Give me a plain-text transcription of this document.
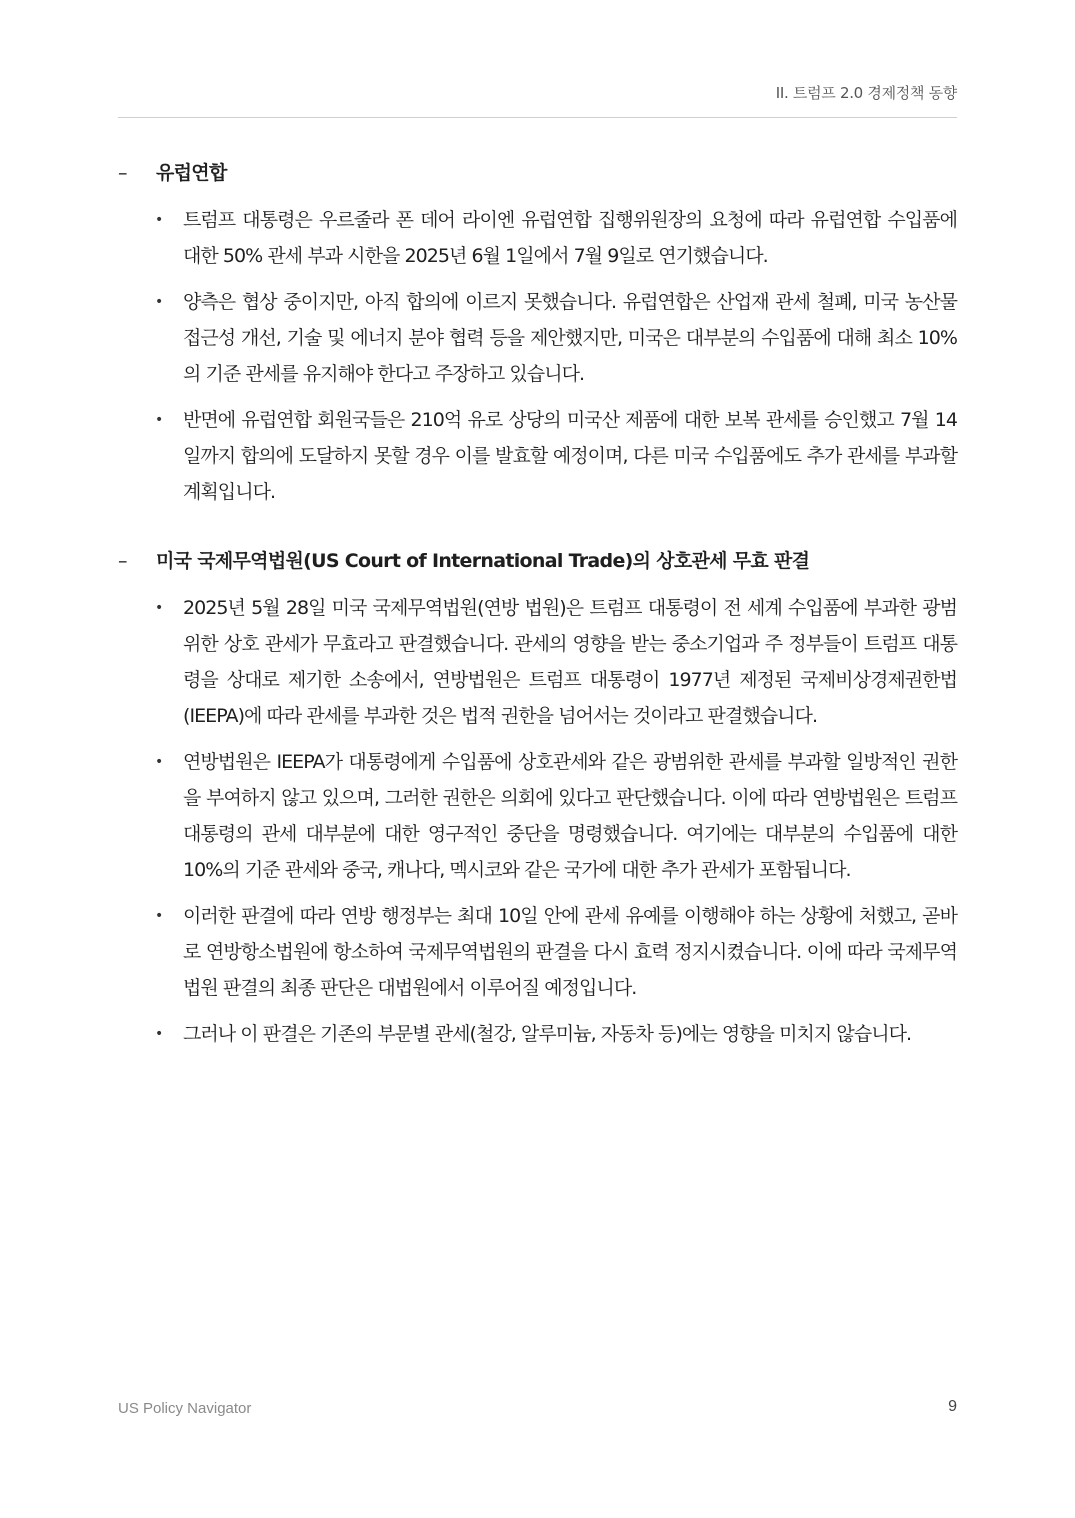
II. 트럼프 2.0 경제정책 동향
–	유럽연합
• 트럼프 대통령은 우르줄라 폰 데어 라이엔 유럽연합 집행위원장의 요청에 따라 유럽연합 수입품에 대한 50% 관세 부과 시한을 2025년 6월 1일에서 7월 9일로 연기했습니다.
• 양측은 협상 중이지만, 아직 합의에 이르지 못했습니다. 유럽연합은 산업재 관세 철폐, 미국 농산물 접근성 개선, 기술 및 에너지 분야 협력 등을 제안했지만, 미국은 대부분의 수입품에 대해 최소 10%의 기준 관세를 유지해야 한다고 주장하고 있습니다.
• 반면에 유럽연합 회원국들은 210억 유로 상당의 미국산 제품에 대한 보복 관세를 승인했고 7월 14일까지 합의에 도달하지 못할 경우 이를 발효할 예정이며, 다른 미국 수입품에도 추가 관세를 부과할 계획입니다.
–	미국 국제무역법원(US Court of International Trade)의 상호관세 무효 판결
• 2025년 5월 28일 미국 국제무역법원(연방 법원)은 트럼프 대통령이 전 세계 수입품에 부과한 광범위한 상호 관세가 무효라고 판결했습니다. 관세의 영향을 받는 중소기업과 주 정부들이 트럼프 대통령을 상대로 제기한 소송에서, 연방법원은 트럼프 대통령이 1977년 제정된 국제비상경제권한법(IEEPA)에 따라 관세를 부과한 것은 법적 권한을 넘어서는 것이라고 판결했습니다.
• 연방법원은 IEEPA가 대통령에게 수입품에 상호관세와 같은 광범위한 관세를 부과할 일방적인 권한을 부여하지 않고 있으며, 그러한 권한은 의회에 있다고 판단했습니다. 이에 따라 연방법원은 트럼프 대통령의 관세 대부분에 대한 영구적인 중단을 명령했습니다. 여기에는 대부분의 수입품에 대한 10%의 기준 관세와 중국, 캐나다, 멕시코와 같은 국가에 대한 추가 관세가 포함됩니다.
• 이러한 판결에 따라 연방 행정부는 최대 10일 안에 관세 유예를 이행해야 하는 상황에 처했고, 곧바로 연방항소법원에 항소하여 국제무역법원의 판결을 다시 효력 정지시켰습니다. 이에 따라 국제무역법원 판결의 최종 판단은 대법원에서 이루어질 예정입니다.
• 그러나 이 판결은 기존의 부문별 관세(철강, 알루미늄, 자동차 등)에는 영향을 미치지 않습니다.
US Policy Navigator	9
